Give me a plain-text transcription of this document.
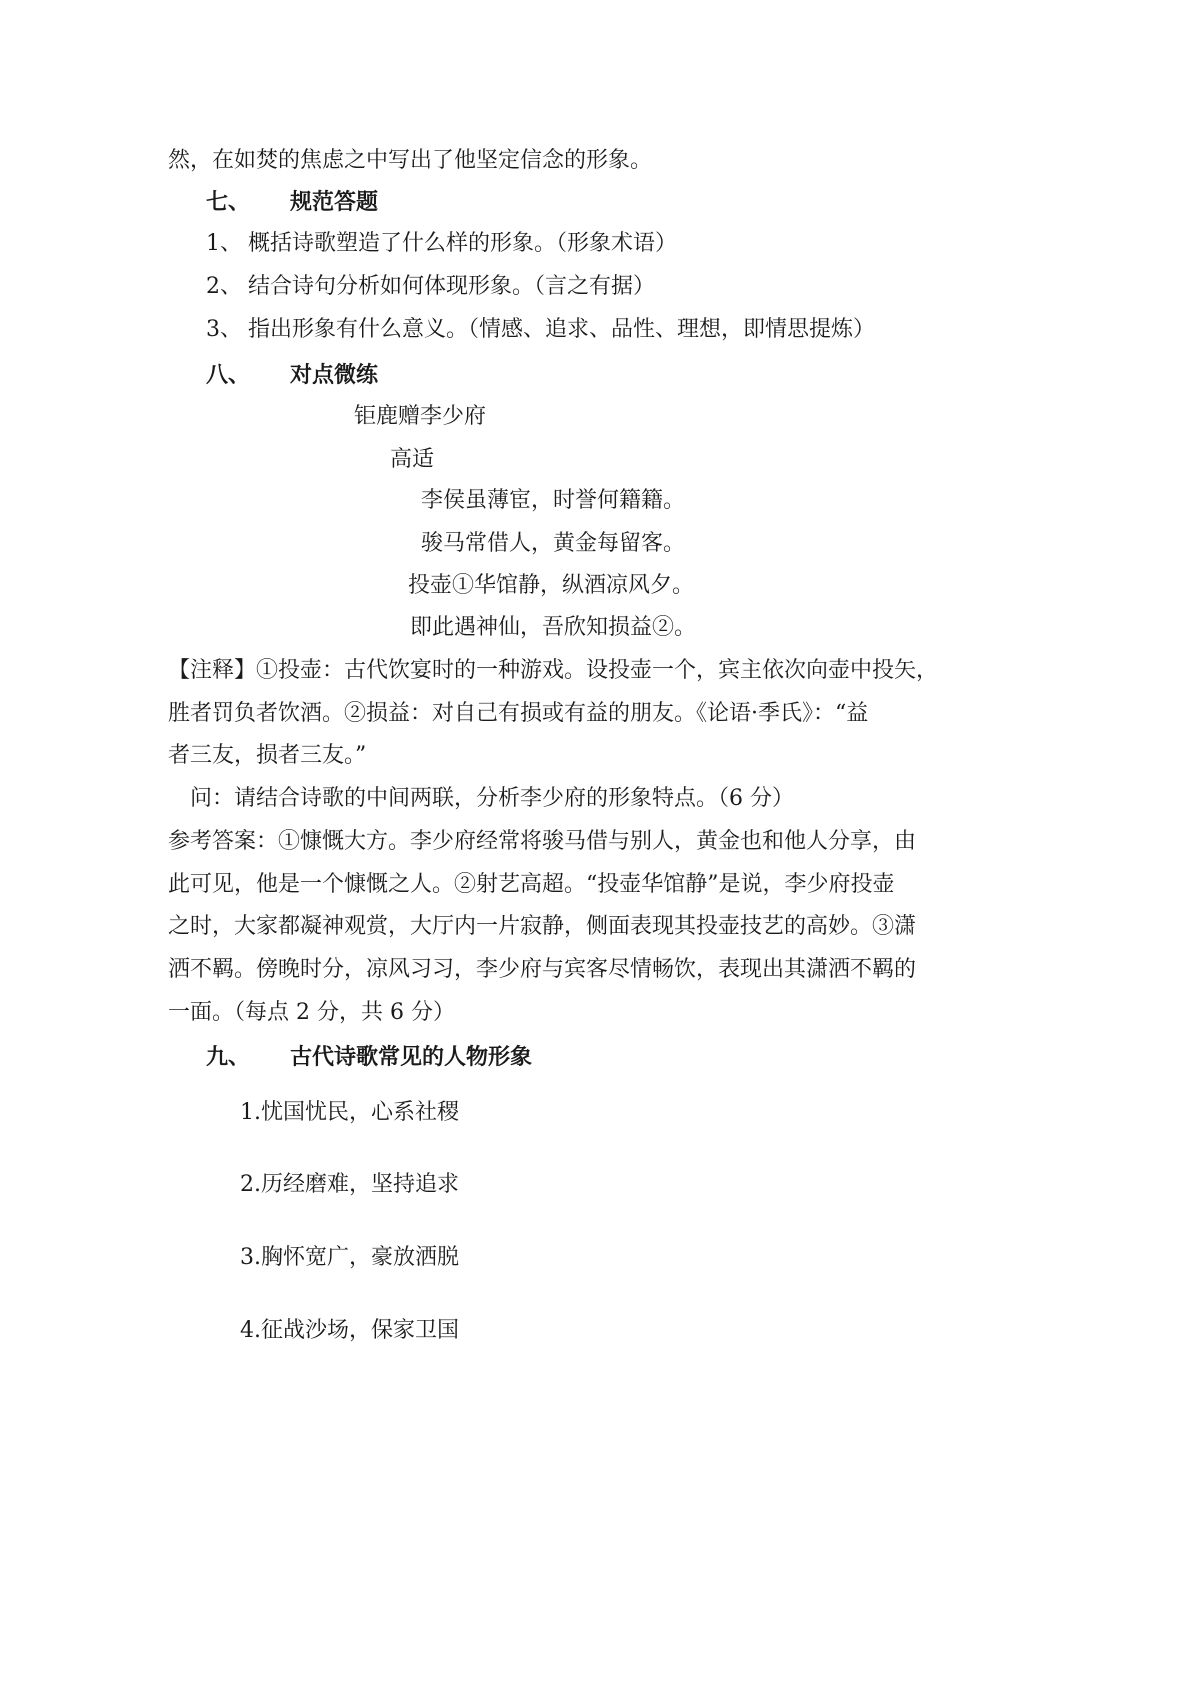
然，在如焚的焦虑之中写出了他坚定信念的形象。
七、 规范答题
1、 概括诗歌塑造了什么样的形象。（形象术语）
2、 结合诗句分析如何体现形象。（言之有据）
3、 指出形象有什么意义。（情感、追求、品性、理想，即情思提炼）
八、 对点微练
钜鹿赠李少府
高适
李侯虽薄宦，时誉何籍籍。
骏马常借人，黄金每留客。
投壶①华馆静，纵酒凉风夕。
即此遇神仙，吾欣知损益②。
【注释】①投壶：古代饮宴时的一种游戏。设投壶一个，宾主依次向壶中投矢，
胜者罚负者饮酒。②损益：对自己有损或有益的朋友。《论语·季氏》：“益
者三友，损者三友。”
问：请结合诗歌的中间两联，分析李少府的形象特点。（6 分）
参考答案：①慷慨大方。李少府经常将骏马借与别人，黄金也和他人分享，由
此可见，他是一个慷慨之人。②射艺高超。“投壶华馆静”是说，李少府投壶
之时，大家都凝神观赏，大厅内一片寂静，侧面表现其投壶技艺的高妙。③潇
洒不羁。傍晚时分，凉风习习，李少府与宾客尽情畅饮，表现出其潇洒不羁的
一面。（每点 2 分，共 6 分）
九、 古代诗歌常见的人物形象
1.忧国忧民，心系社稷
2.历经磨难，坚持追求
3.胸怀宽广，豪放洒脱
4.征战沙场，保家卫国
